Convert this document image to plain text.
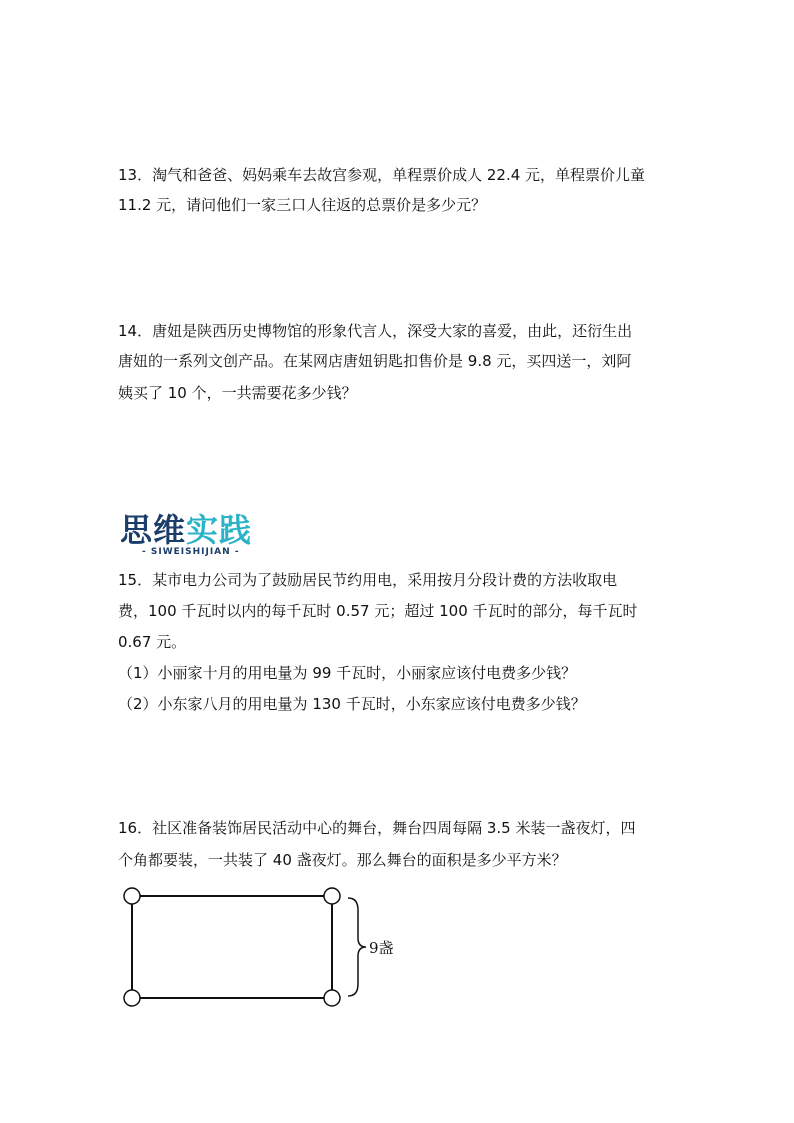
13．淘气和爸爸、妈妈乘车去故宫参观，单程票价成人 22.4 元，单程票价儿童
11.2 元，请问他们一家三口人往返的总票价是多少元？
14．唐妞是陕西历史博物馆的形象代言人，深受大家的喜爱，由此，还衍生出
唐妞的一系列文创产品。在某网店唐妞钥匙扣售价是 9.8 元，买四送一，刘阿
姨买了 10 个，一共需要花多少钱？
思维实践
- SIWEISHIJIAN -
15．某市电力公司为了鼓励居民节约用电，采用按月分段计费的方法收取电
费，100 千瓦时以内的每千瓦时 0.57 元；超过 100 千瓦时的部分，每千瓦时
0.67 元。
（1）小丽家十月的用电量为 99 千瓦时，小丽家应该付电费多少钱？
（2）小东家八月的用电量为 130 千瓦时，小东家应该付电费多少钱？
16．社区准备装饰居民活动中心的舞台，舞台四周每隔 3.5 米装一盏夜灯，四
个角都要装，一共装了 40 盏夜灯。那么舞台的面积是多少平方米？
9盏
